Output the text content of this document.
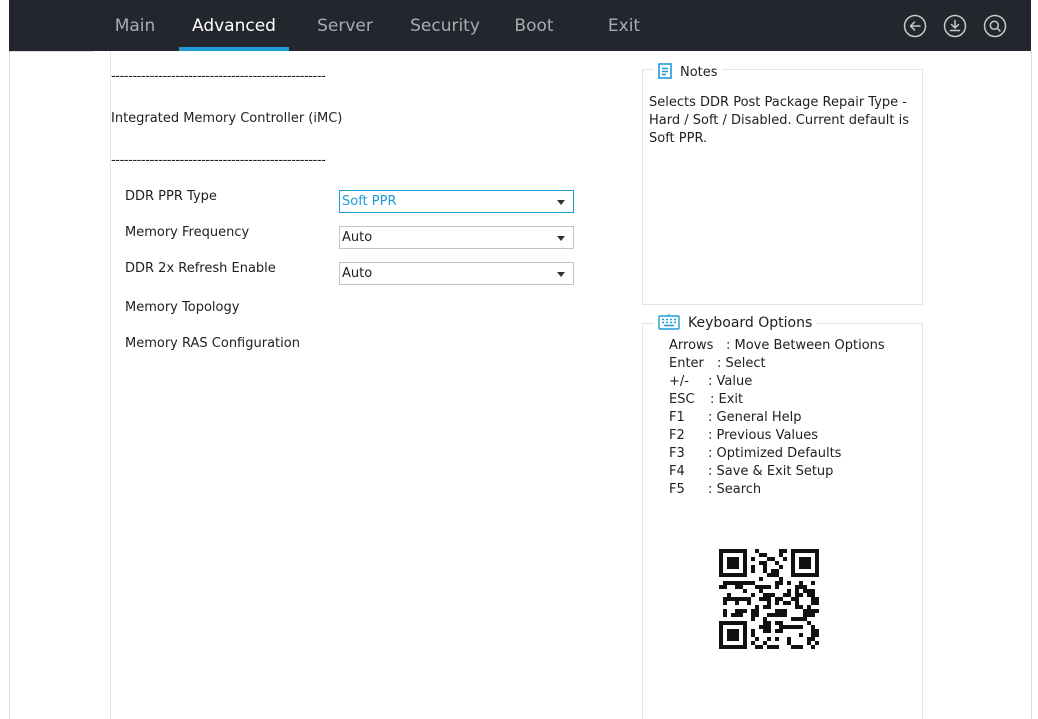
Main	Advanced	Server	Security Boot	Exit
--------------------------------------------------
Integrated Memory Controller (iMC)
--------------------------------------------------
DDR PPR Type	Soft PPR
Memory Frequency	Auto
DDR 2x Refresh Enable	Auto
Memory Topology
Memory RAS Configuration
Notes
Selects DDR Post Package Repair Type - Hard / Soft / Disabled. Current default is Soft PPR.
Keyboard Options
Arrows : Move Between Options
Enter : Select
+/- : Value
ESC : Exit
F1 : General Help
F2 : Previous Values
F3 : Optimized Defaults
F4 : Save & Exit Setup
F5 : Search
